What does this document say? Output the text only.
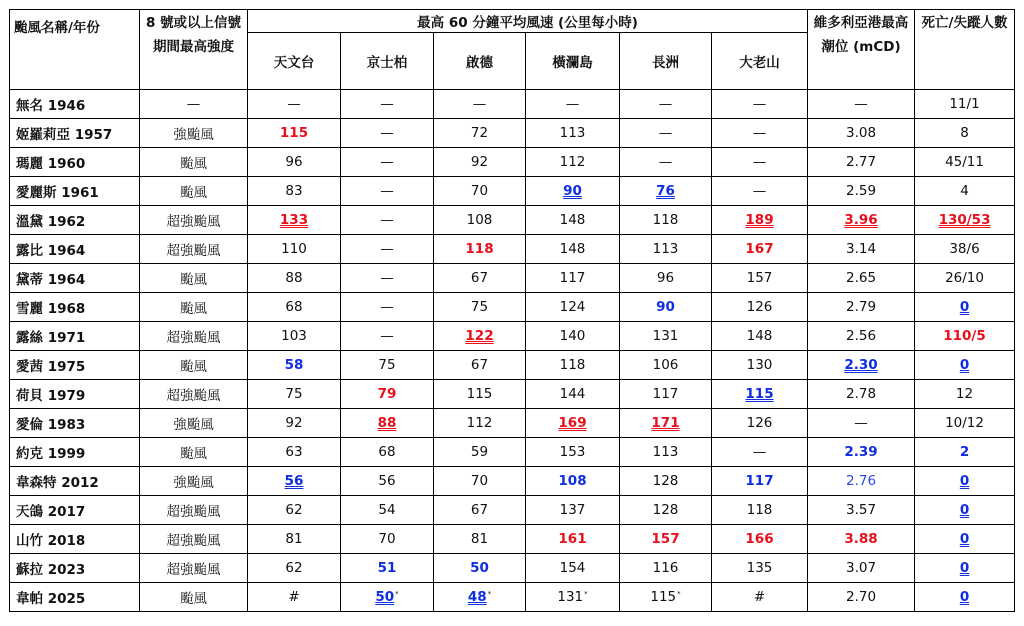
颱風名稱/年份	8 號或以上信號期間最高強度	最高 60 分鐘平均風速 (公里每小時)						維多利亞港最高潮位 (mCD)	死亡/失蹤人數
		天文台	京士柏	啟德	橫瀾島	長洲	大老山		
無名 1946	—	—	—	—	—	—	—	—	11/1
姬羅莉亞 1957	強颱風	115	—	72	113	—	—	3.08	8
瑪麗 1960	颱風	96	—	92	112	—	—	2.77	45/11
愛麗斯 1961	颱風	83	—	70	90	76	—	2.59	4
溫黛 1962	超強颱風	133	—	108	148	118	189	3.96	130/53
露比 1964	超強颱風	110	—	118	148	113	167	3.14	38/6
黛蒂 1964	颱風	88	—	67	117	96	157	2.65	26/10
雪麗 1968	颱風	68	—	75	124	90	126	2.79	0
露絲 1971	超強颱風	103	—	122	140	131	148	2.56	110/5
愛茜 1975	颱風	58	75	67	118	106	130	2.30	0
荷貝 1979	超強颱風	75	79	115	144	117	115	2.78	12
愛倫 1983	強颱風	92	88	112	169	171	126	—	10/12
約克 1999	颱風	63	68	59	153	113	—	2.39	2
韋森特 2012	強颱風	56	56	70	108	128	117	2.76	0
天鴿 2017	超強颱風	62	54	67	137	128	118	3.57	0
山竹 2018	超強颱風	81	70	81	161	157	166	3.88	0
蘇拉 2023	超強颱風	62	51	50	154	116	135	3.07	0
韋帕 2025	颱風	#	50*	48*	131*	115*	#	2.70	0
